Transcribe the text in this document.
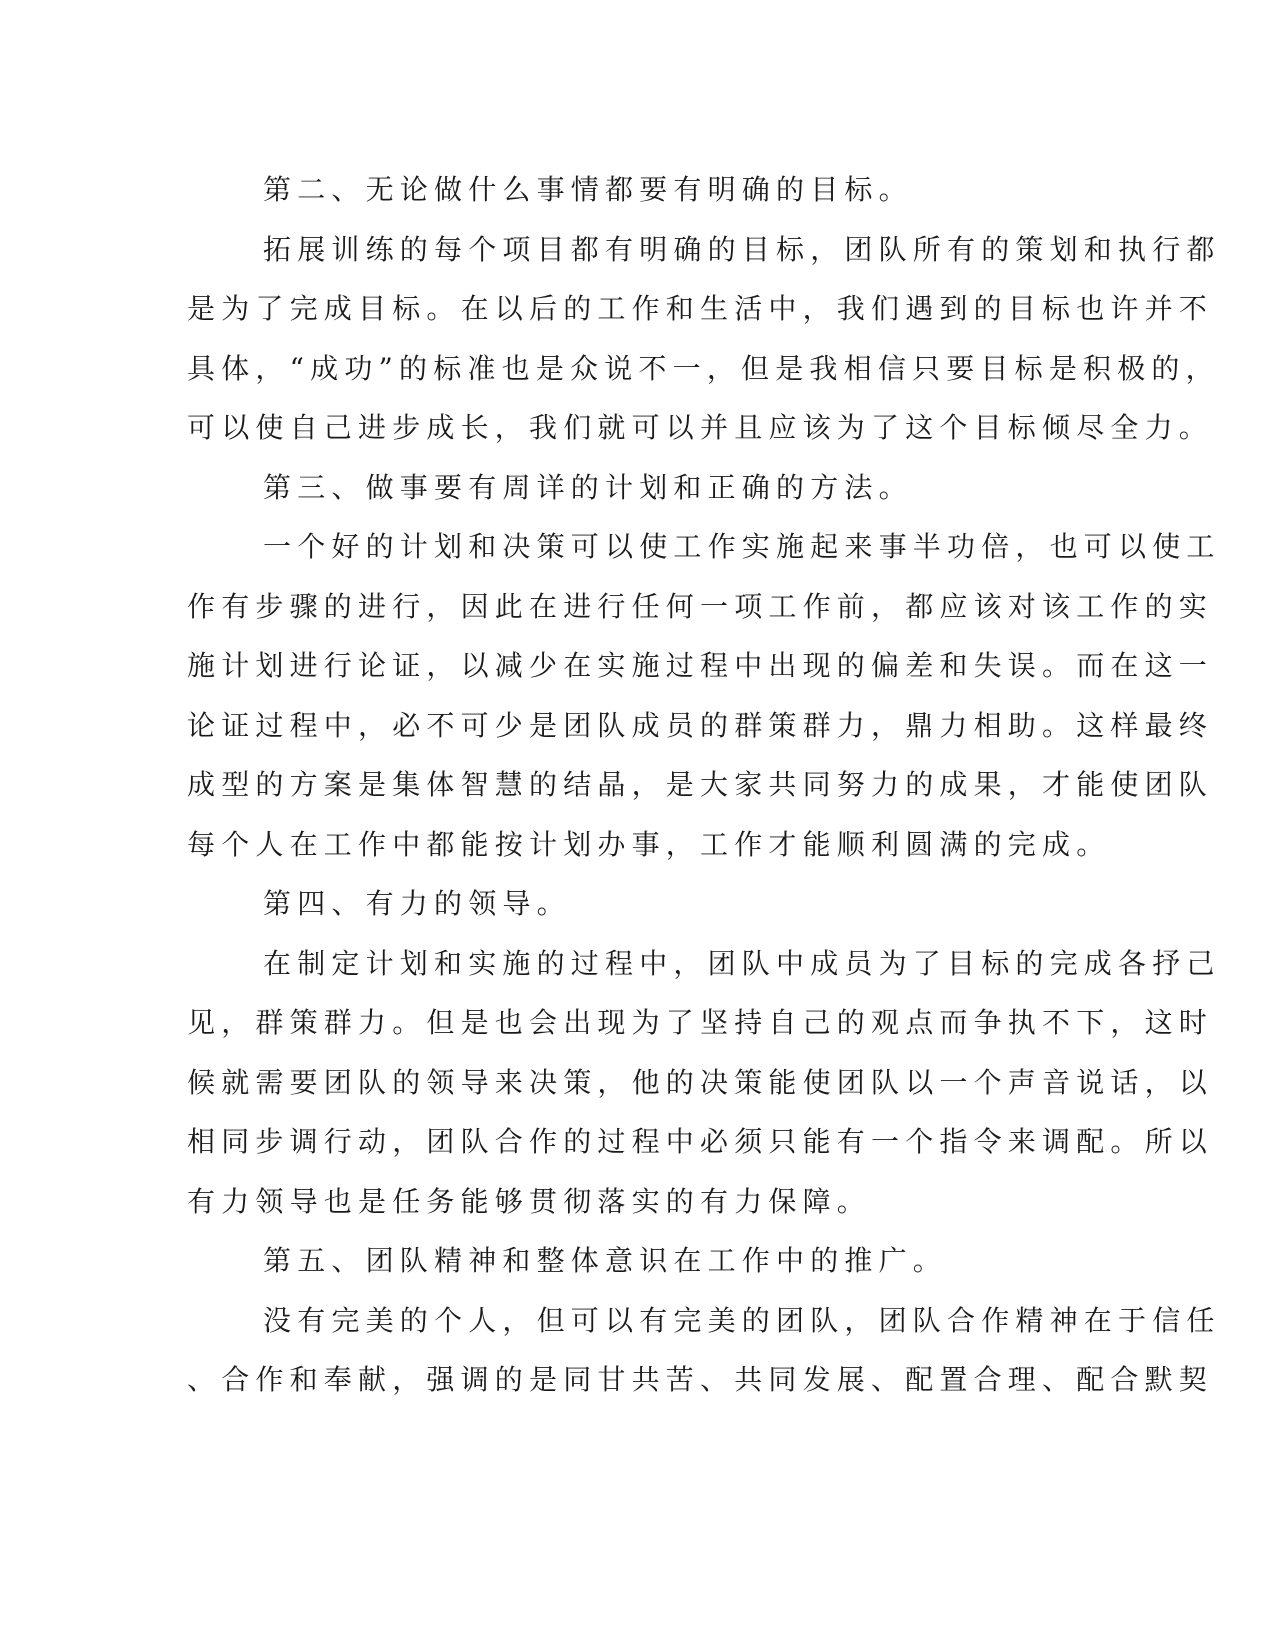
第二、无论做什么事情都要有明确的目标。
拓展训练的每个项目都有明确的目标，团队所有的策划和执行都
是为了完成目标。在以后的工作和生活中，我们遇到的目标也许并不
具体，“成功”的标准也是众说不一，但是我相信只要目标是积极的，
可以使自己进步成长，我们就可以并且应该为了这个目标倾尽全力。
第三、做事要有周详的计划和正确的方法。
一个好的计划和决策可以使工作实施起来事半功倍，也可以使工
作有步骤的进行，因此在进行任何一项工作前，都应该对该工作的实
施计划进行论证，以减少在实施过程中出现的偏差和失误。而在这一
论证过程中，必不可少是团队成员的群策群力，鼎力相助。这样最终
成型的方案是集体智慧的结晶，是大家共同努力的成果，才能使团队
每个人在工作中都能按计划办事，工作才能顺利圆满的完成。
第四、有力的领导。
在制定计划和实施的过程中，团队中成员为了目标的完成各抒己
见，群策群力。但是也会出现为了坚持自己的观点而争执不下，这时
候就需要团队的领导来决策，他的决策能使团队以一个声音说话，以
相同步调行动，团队合作的过程中必须只能有一个指令来调配。所以
有力领导也是任务能够贯彻落实的有力保障。
第五、团队精神和整体意识在工作中的推广。
没有完美的个人，但可以有完美的团队，团队合作精神在于信任
、合作和奉献，强调的是同甘共苦、共同发展、配置合理、配合默契
